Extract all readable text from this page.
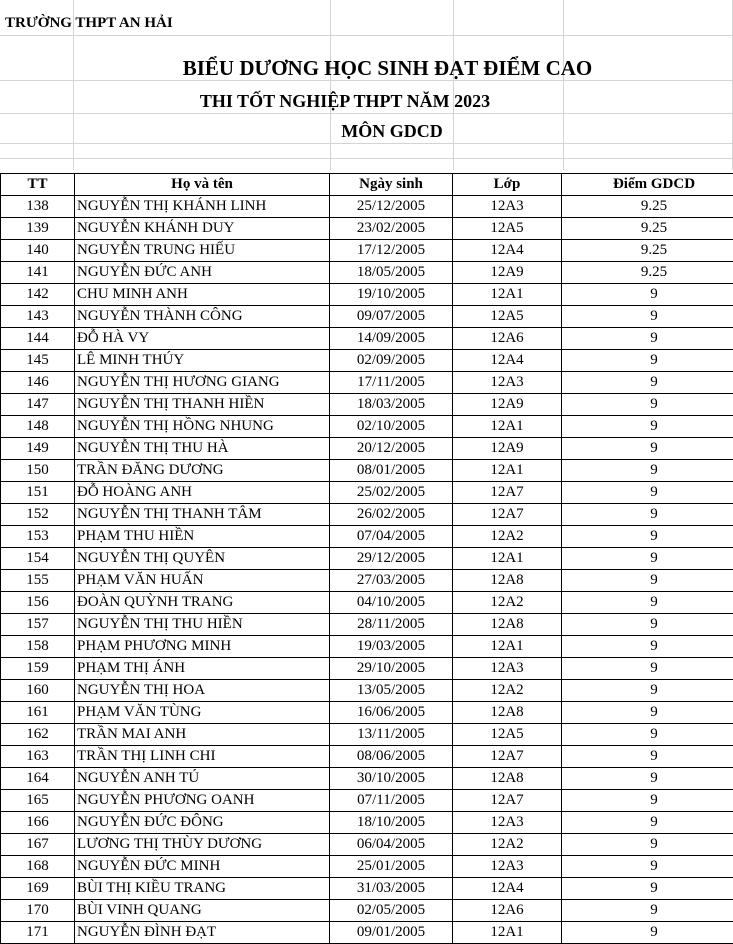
TRƯỜNG THPT AN HẢI
BIỂU DƯƠNG HỌC SINH ĐẠT ĐIỂM CAO
THI TỐT NGHIỆP THPT NĂM 2023
MÔN GDCD
TT	Họ và tên	Ngày sinh	Lớp	Điểm GDCD
138	NGUYỄN THỊ KHÁNH LINH	25/12/2005	12A3	9.25
139	NGUYỄN KHÁNH DUY	23/02/2005	12A5	9.25
140	NGUYỄN TRUNG HIẾU	17/12/2005	12A4	9.25
141	NGUYỄN ĐỨC ANH	18/05/2005	12A9	9.25
142	CHU MINH ANH	19/10/2005	12A1	9
143	NGUYỄN THÀNH CÔNG	09/07/2005	12A5	9
144	ĐỖ HÀ VY	14/09/2005	12A6	9
145	LÊ MINH THÚY	02/09/2005	12A4	9
146	NGUYỄN THỊ HƯƠNG GIANG	17/11/2005	12A3	9
147	NGUYỄN THỊ THANH HIỀN	18/03/2005	12A9	9
148	NGUYỄN THỊ HỒNG NHUNG	02/10/2005	12A1	9
149	NGUYỄN THỊ THU HÀ	20/12/2005	12A9	9
150	TRẦN ĐĂNG DƯƠNG	08/01/2005	12A1	9
151	ĐỖ HOÀNG ANH	25/02/2005	12A7	9
152	NGUYỄN THỊ THANH TÂM	26/02/2005	12A7	9
153	PHẠM THU HIỀN	07/04/2005	12A2	9
154	NGUYỄN THỊ QUYÊN	29/12/2005	12A1	9
155	PHẠM VĂN HUẤN	27/03/2005	12A8	9
156	ĐOÀN QUỲNH TRANG	04/10/2005	12A2	9
157	NGUYỄN THỊ THU HIỀN	28/11/2005	12A8	9
158	PHẠM PHƯƠNG MINH	19/03/2005	12A1	9
159	PHẠM THỊ ÁNH	29/10/2005	12A3	9
160	NGUYỄN THỊ HOA	13/05/2005	12A2	9
161	PHẠM VĂN TÙNG	16/06/2005	12A8	9
162	TRẦN MAI ANH	13/11/2005	12A5	9
163	TRẦN THỊ LINH CHI	08/06/2005	12A7	9
164	NGUYỄN ANH TÚ	30/10/2005	12A8	9
165	NGUYỄN PHƯƠNG OANH	07/11/2005	12A7	9
166	NGUYỄN ĐỨC ĐÔNG	18/10/2005	12A3	9
167	LƯƠNG THỊ THÙY DƯƠNG	06/04/2005	12A2	9
168	NGUYỄN ĐỨC MINH	25/01/2005	12A3	9
169	BÙI THỊ KIỀU TRANG	31/03/2005	12A4	9
170	BÙI VINH QUANG	02/05/2005	12A6	9
171	NGUYỄN ĐÌNH ĐẠT	09/01/2005	12A1	9
